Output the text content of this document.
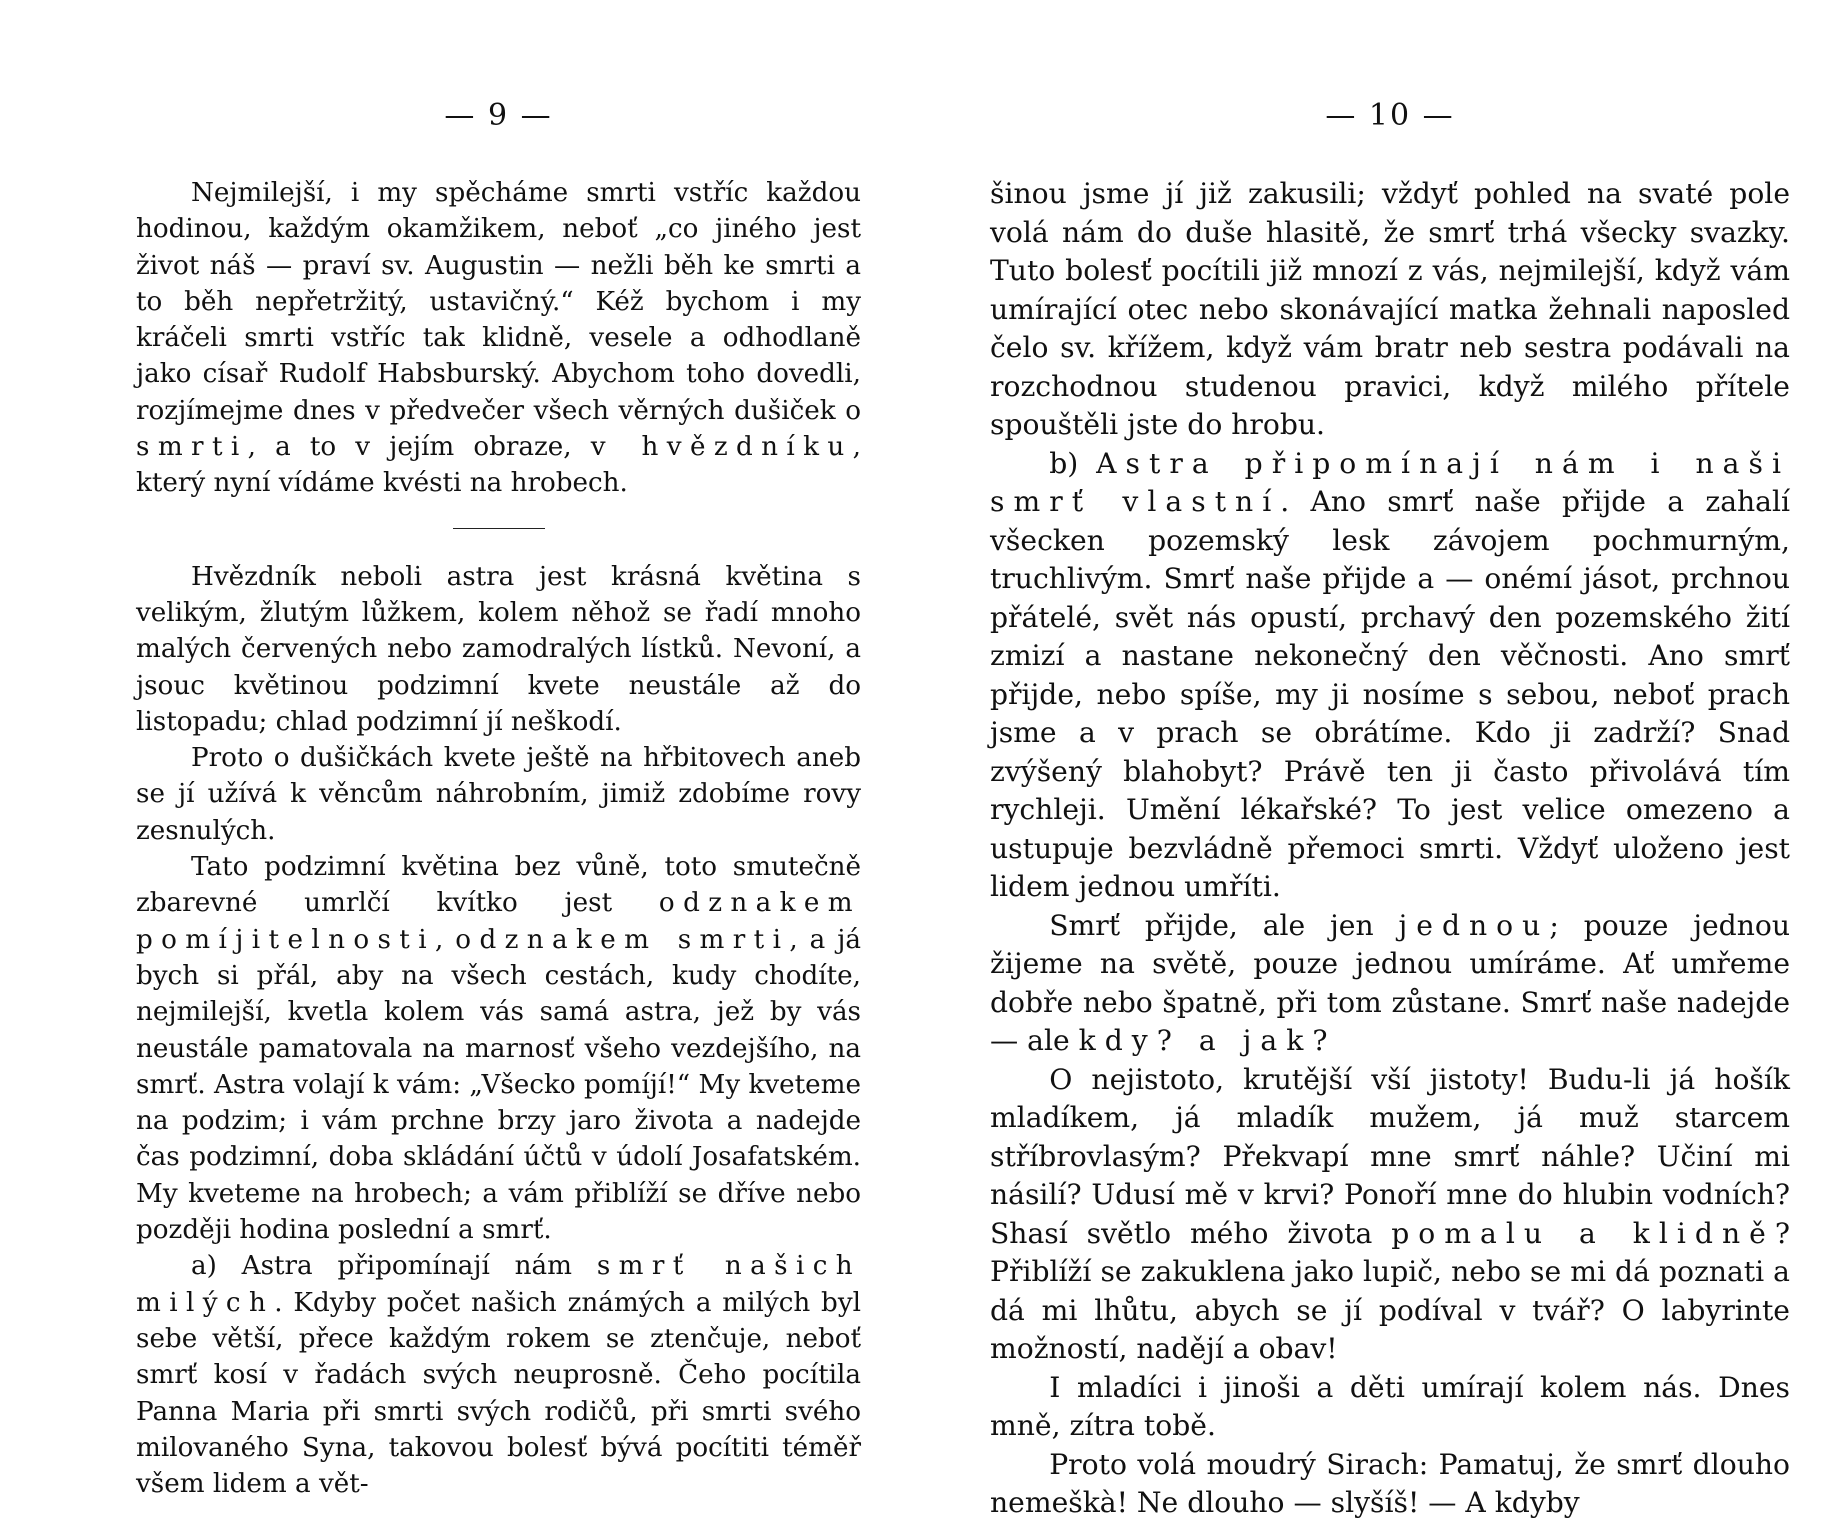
— 9 —

Nejmilejší, i my spěcháme smrti vstříc každou hodinou, každým okamžikem, neboť „co jiného jest život náš — praví sv. Augustin — nežli běh ke smrti a to běh nepřetržitý, ustavičný.“ Kéž bychom i my kráčeli smrti vstříc tak klidně, vesele a odhodlaně jako císař Rudolf Habsburský. Abychom toho dovedli, rozjímejme dnes v předvečer všech věrných dušiček o smrti, a to v jejím obraze, v hvězdníku, který nyní vídáme kvésti na hrobech.

Hvězdník neboli astra jest krásná květina s velikým, žlutým lůžkem, kolem něhož se řadí mnoho malých červených nebo zamodralých lístků. Nevoní, a jsouc květinou podzimní kvete neustále až do listopadu; chlad podzimní jí neškodí.

Proto o dušičkách kvete ještě na hřbitovech aneb se jí užívá k věncům náhrobním, jimiž zdobíme rovy zesnulých.

Tato podzimní květina bez vůně, toto smutečně zbarevné umrlčí kvítko jest odznakem pomíjitelnosti, odznakem smrti, a já bych si přál, aby na všech cestách, kudy chodíte, nejmilejší, kvetla kolem vás samá astra, jež by vás neustále pamatovala na marnosť všeho vezdejšího, na smrť. Astra volají k vám: „Všecko pomíjí!“ My kveteme na podzim; i vám prchne brzy jaro života a nadejde čas podzimní, doba skládání účtů v údolí Josafatském. My kveteme na hrobech; a vám přiblíží se dříve nebo později hodina poslední a smrť.

a) Astra připomínají nám smrť našich milých. Kdyby počet našich známých a milých byl sebe větší, přece každým rokem se ztenčuje, neboť smrť kosí v řadách svých neuprosně. Čeho pocítila Panna Maria při smrti svých rodičů, při smrti svého milovaného Syna, takovou bolesť bývá pocítiti téměř všem lidem a vět-

— 10 —

šinou jsme jí již zakusili; vždyť pohled na svaté pole volá nám do duše hlasitě, že smrť trhá všecky svazky. Tuto bolesť pocítili již mnozí z vás, nejmilejší, když vám umírající otec nebo skonávající matka žehnali naposled čelo sv. křížem, když vám bratr neb sestra podávali na rozchodnou studenou pravici, když milého přítele spouštěli jste do hrobu.

b) Astra připomínají nám i naši smrť vlastní. Ano smrť naše přijde a zahalí všecken pozemský lesk závojem pochmurným, truchlivým. Smrť naše přijde a — onémí jásot, prchnou přátelé, svět nás opustí, prchavý den pozemského žití zmizí a nastane nekonečný den věčnosti. Ano smrť přijde, nebo spíše, my ji nosíme s sebou, neboť prach jsme a v prach se obrátíme. Kdo ji zadrží? Snad zvýšený blahobyt? Právě ten ji často přivolává tím rychleji. Umění lékařské? To jest velice omezeno a ustupuje bezvládně přemoci smrti. Vždyť uloženo jest lidem jednou umříti.

Smrť přijde, ale jen jednou; pouze jednou žijeme na světě, pouze jednou umíráme. Ať umřeme dobře nebo špatně, při tom zůstane. Smrť naše nadejde — ale kdy? a jak?

O nejistoto, krutější vší jistoty! Budu-li já hošík mladíkem, já mladík mužem, já muž starcem stříbrovlasým? Překvapí mne smrť náhle? Učiní mi násilí? Udusí mě v krvi? Ponoří mne do hlubin vodních? Shasí světlo mého života pomalu a klidně? Přiblíží se zakuklena jako lupič, nebo se mi dá poznati a dá mi lhůtu, abych se jí podíval v tvář? O labyrinte možností, nadějí a obav!

I mladíci i jinoši a děti umírají kolem nás. Dnes mně, zítra tobě.

Proto volá moudrý Sirach: Pamatuj, že smrť dlouho nemeškà! Ne dlouho — slyšíš! — A kdyby
